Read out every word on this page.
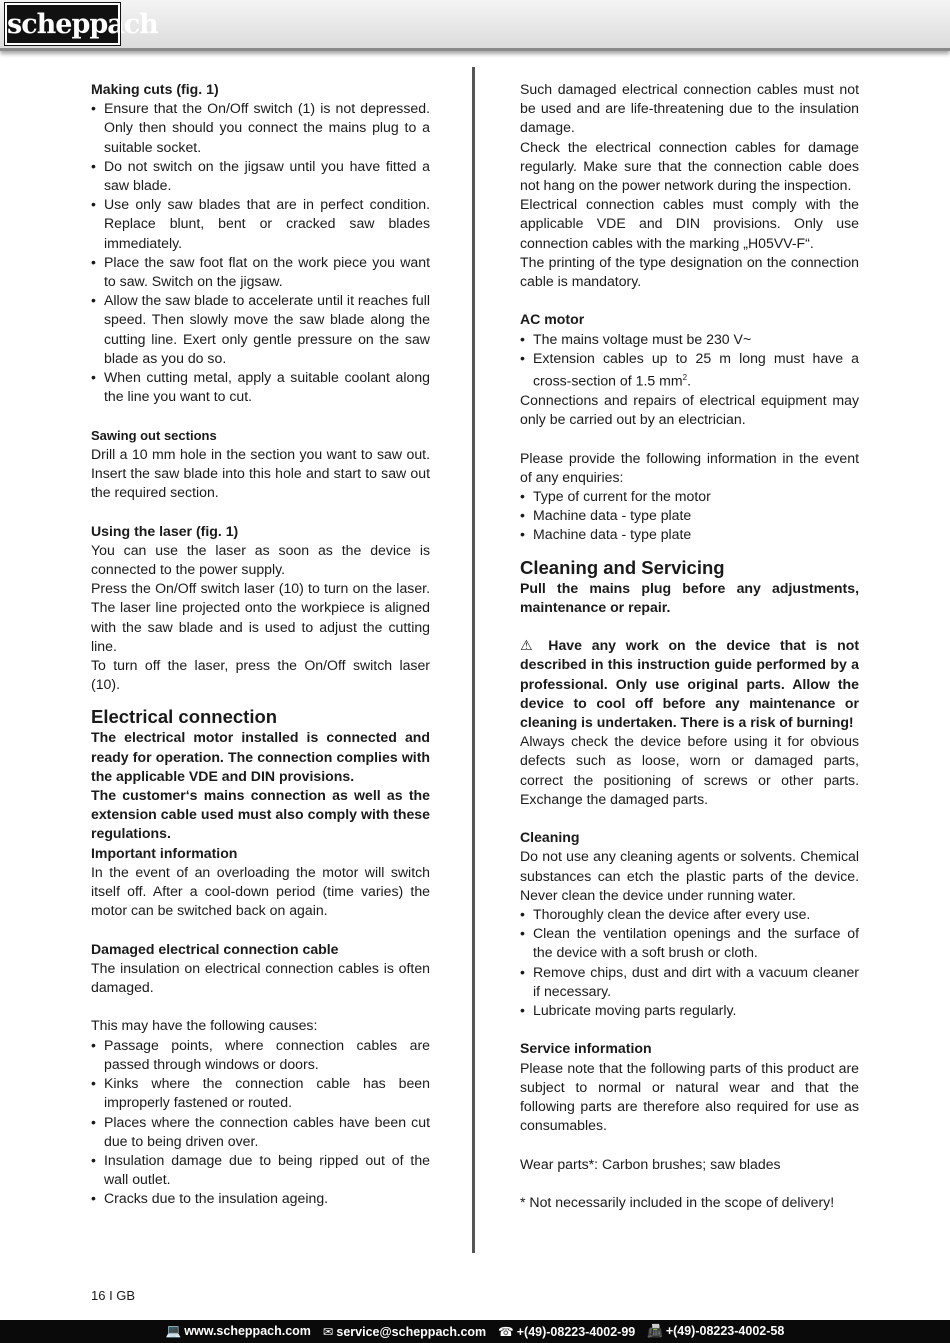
scheppach

Making cuts (fig. 1)

• Ensure that the On/Off switch (1) is not depressed. Only then should you connect the mains plug to a suitable socket.
• Do not switch on the jigsaw until you have fitted a saw blade.
• Use only saw blades that are in perfect condition. Replace blunt, bent or cracked saw blades immediately.
• Place the saw foot flat on the work piece you want to saw. Switch on the jigsaw.
• Allow the saw blade to accelerate until it reaches full speed. Then slowly move the saw blade along the cutting line. Exert only gentle pressure on the saw blade as you do so.
• When cutting metal, apply a suitable coolant along the line you want to cut.

Sawing out sections

Drill a 10 mm hole in the section you want to saw out. Insert the saw blade into this hole and start to saw out the required section.

Using the laser (fig. 1)

You can use the laser as soon as the device is connected to the power supply.

Press the On/Off switch laser (10) to turn on the laser. The laser line projected onto the workpiece is aligned with the saw blade and is used to adjust the cutting line.

To turn off the laser, press the On/Off switch laser (10).

Electrical connection

The electrical motor installed is connected and ready for operation. The connection complies with the applicable VDE and DIN provisions.

The customer‘s mains connection as well as the extension cable used must also comply with these regulations.

Important information

In the event of an overloading the motor will switch itself off. After a cool-down period (time varies) the motor can be switched back on again.

Damaged electrical connection cable

The insulation on electrical connection cables is often damaged.

This may have the following causes:

• Passage points, where connection cables are passed through windows or doors.
• Kinks where the connection cable has been improperly fastened or routed.
• Places where the connection cables have been cut due to being driven over.
• Insulation damage due to being ripped out of the wall outlet.
• Cracks due to the insulation ageing.

Such damaged electrical connection cables must not be used and are life-threatening due to the insulation damage.

Check the electrical connection cables for damage regularly. Make sure that the connection cable does not hang on the power network during the inspection.

Electrical connection cables must comply with the applicable VDE and DIN provisions. Only use connection cables with the marking „H05VV-F“.

The printing of the type designation on the connection cable is mandatory.

AC motor

• The mains voltage must be 230 V~
• Extension cables up to 25 m long must have a cross-section of 1.5 $mm^2$.

Connections and repairs of electrical equipment may only be carried out by an electrician.

Please provide the following information in the event of any enquiries:

• Type of current for the motor
• Machine data - type plate
• Machine data - type plate

Cleaning and Servicing

Pull the mains plug before any adjustments, maintenance or repair.

⚠ Have any work on the device that is not described in this instruction guide performed by a professional. Only use original parts. Allow the device to cool off before any maintenance or cleaning is undertaken. There is a risk of burning!

Always check the device before using it for obvious defects such as loose, worn or damaged parts, correct the positioning of screws or other parts. Exchange the damaged parts.

Cleaning

Do not use any cleaning agents or solvents. Chemical substances can etch the plastic parts of the device. Never clean the device under running water.

• Thoroughly clean the device after every use.
• Clean the ventilation openings and the surface of the device with a soft brush or cloth.
• Remove chips, dust and dirt with a vacuum cleaner if necessary.
• Lubricate moving parts regularly.

Service information

Please note that the following parts of this product are subject to normal or natural wear and that the following parts are therefore also required for use as consumables.

Wear parts*: Carbon brushes; saw blades

* Not necessarily included in the scope of delivery!

16 I GB
💻 www.scheppach.com ✉ service@scheppach.com ☎ +(49)-08223-4002-99 📠 +(49)-08223-4002-58
